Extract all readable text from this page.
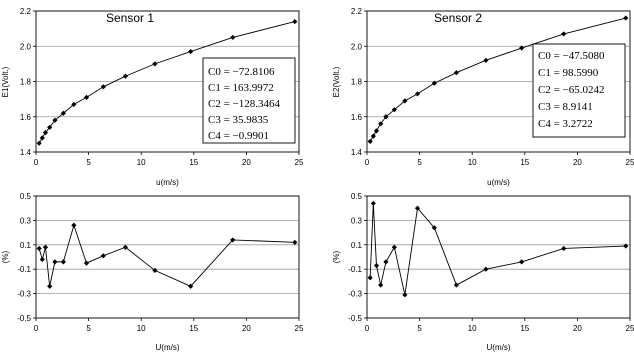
1.4
1.6
1.8
2.0
2.2
0	5	10	15	20	25
u(m/s)
E1(Volt.)
Sensor 1
C0 = −72.8106
C1 = 163.9972
C2 = −128.3464
C3 = 35.9835
C4 = −0.9901
1.4
1.6
1.8
2.0
2.2
0	5	10	15	20	25
u(m/s)
E2(Volt.)
Sensor 2
C0 = −47.5080
C1 = 98.5990
C2 = −65.0242
C3 = 8.9141
C4 = 3.2722
-0.5
-0.3
-0.1
0.1
0.3
0.5
0	5	10	15	20	25
U(m/s)
(%)
-0.5
-0.3
-0.1
0.1
0.3
0.5
0	5	10	15	20	25
U(m/s)
(%)
